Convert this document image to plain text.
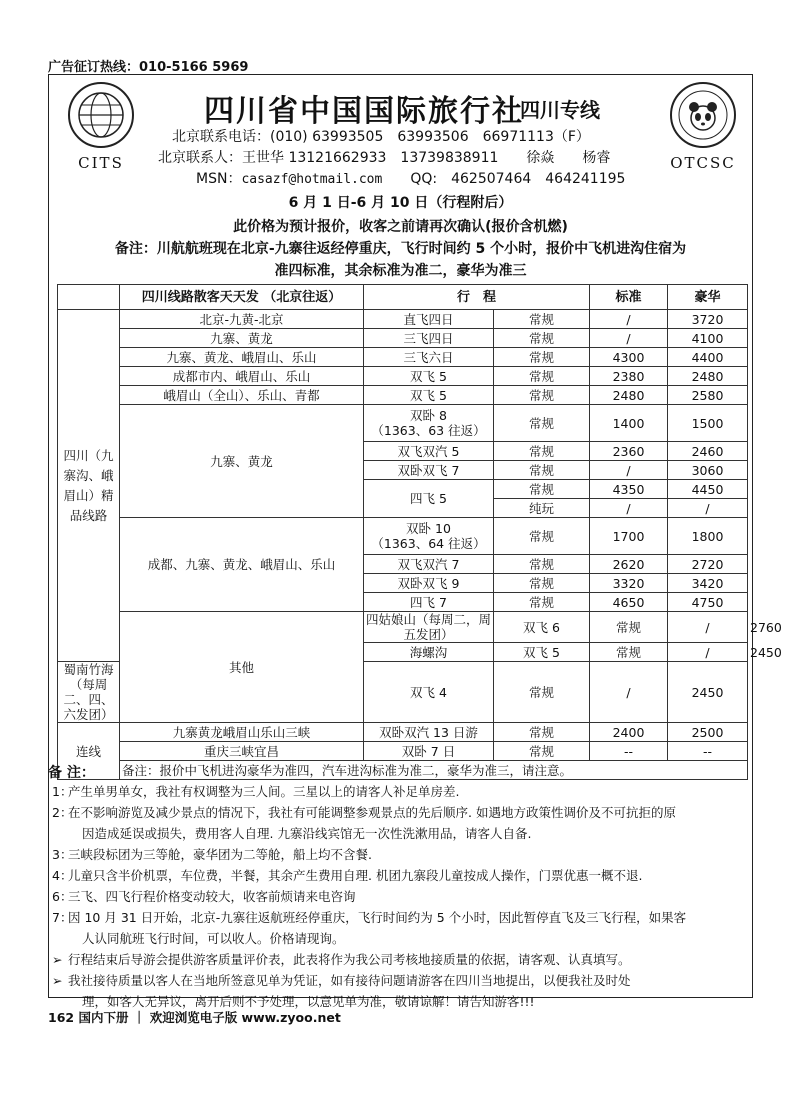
广告征订热线：010-5166 5969
CITS	OTCSC
四川省中国国际旅行社
四川专线
北京联系电话：(010) 63993505　63993506　66971113（F）
北京联系人：王世华 13121662933　13739838911　　徐焱　　杨睿
MSN：casazf@hotmail.com　　QQ:　462507464　464241195
6 月 1 日-6 月 10 日（行程附后）
此价格为预计报价，收客之前请再次确认(报价含机燃)
备注：川航航班现在北京-九寨往返经停重庆，飞行时间约 5 个小时，报价中飞机进沟住宿为
准四标准，其余标准为准二，豪华为准三
	四川线路散客天天发 （北京往返）	行　程		标准	豪华	
四川（九寨沟、峨眉山）精品线路	北京-九黄-北京	直飞四日	常规	/	3720	
	九寨、黄龙	三飞四日	常规	/	4100	
	九寨、黄龙、峨眉山、乐山	三飞六日	常规	4300	4400	
	成都市内、峨眉山、乐山	双飞 5	常规	2380	2480	
	峨眉山（全山）、乐山、青都	双飞 5	常规	2480	2580	
	九寨、黄龙	双卧 8
（1363、63 往返）	常规	1400	1500	
		双飞双汽 5	常规	2360	2460	
		双卧双飞 7	常规	/	3060	
		四飞 5	常规	4350	4450	
			纯玩	/	/	
	成都、九寨、黄龙、峨眉山、乐山	双卧 10
（1363、64 往返）	常规	1700	1800	
		双飞双汽 7	常规	2620	2720	
		双卧双飞 9	常规	3320	3420	
		四飞 7	常规	4650	4750	
	其他	四姑娘山（每周二，周五发团）	双飞 6	常规	/	2760
		海螺沟	双飞 5	常规	/	2450
蜀南竹海（每周二、四、六发团）		双飞 4	常规	/	2450	
连线	九寨黄龙峨眉山乐山三峡	双卧双汽 13 日游	常规	2400	2500	
	重庆三峡宜昌	双卧 7 日	常规	--	--	
	备注：报价中飞机进沟豪华为准四，汽车进沟标准为准二，豪华为准三，请注意。					
备 注：
1：产生单男单女，我社有权调整为三人间。三星以上的请客人补足单房差.
2：在不影响游览及减少景点的情况下，我社有可能调整参观景点的先后顺序. 如遇地方政策性调价及不可抗拒的原
因造成延误或损失，费用客人自理. 九寨沿线宾馆无一次性洗漱用品，请客人自备.
3：三峡段标团为三等舱，豪华团为二等舱，船上均不含餐.
4：儿童只含半价机票，车位费，半餐，其余产生费用自理. 机团九寨段儿童按成人操作，门票优惠一概不退.
6：三飞、四飞行程价格变动较大，收客前烦请来电咨询
7：因 10 月 31 日开始，北京-九寨往返航班经停重庆，飞行时间约为 5 个小时，因此暂停直飞及三飞行程，如果客
人认同航班飞行时间，可以收人。价格请现询。
➢ 行程结束后导游会提供游客质量评价表，此表将作为我公司考核地接质量的依据，请客观、认真填写。
➢ 我社接待质量以客人在当地所签意见单为凭证，如有接待问题请游客在四川当地提出，以便我社及时处
理，如客人无异议，离开后则不予处理，以意见单为准，敬请谅解！请告知游客!!!
162 国内下册 ｜ 欢迎浏览电子版 www.zyoo.net
